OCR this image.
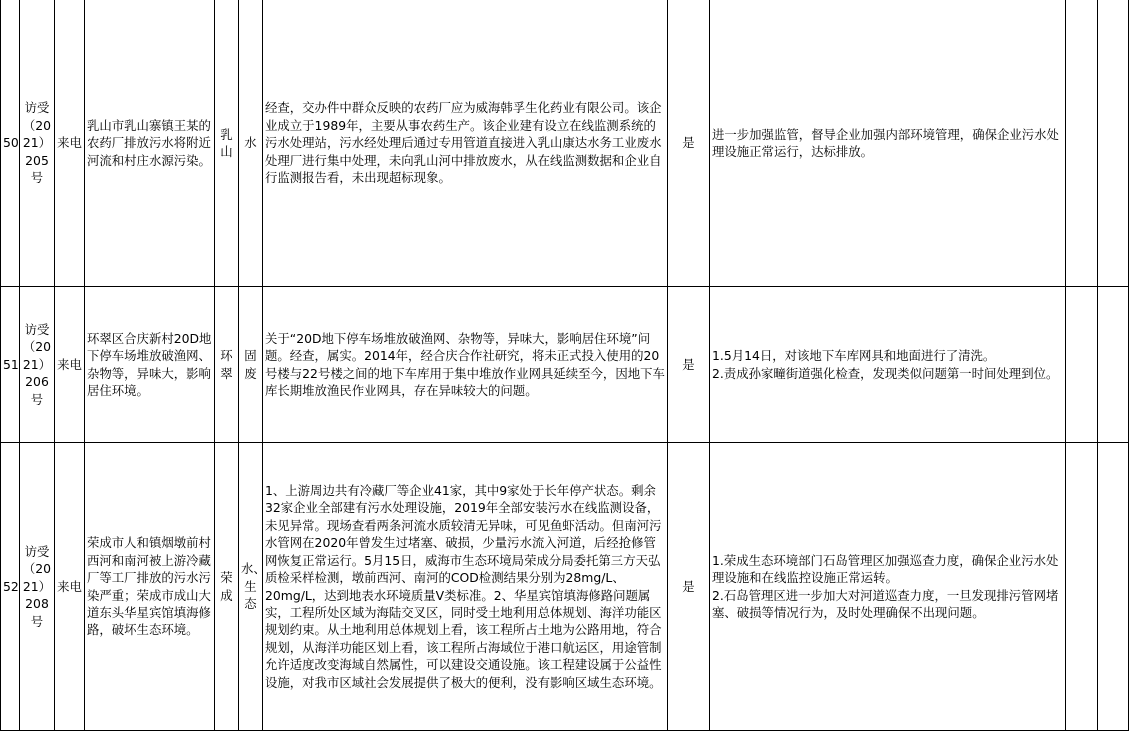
50	访受（2021）205号	来电	乳山市乳山寨镇王某的农药厂排放污水将附近河流和村庄水源污染。	乳山	水	经查，交办件中群众反映的农药厂应为威海韩孚生化药业有限公司。该企业成立于1989年，主要从事农药生产。该企业建有设立在线监测系统的污水处理站，污水经处理后通过专用管道直接进入乳山康达水务工业废水处理厂进行集中处理，未向乳山河中排放废水，从在线监测数据和企业自行监测报告看，未出现超标现象。	是	进一步加强监管，督导企业加强内部环境管理，确保企业污水处理设施正常运行，达标排放。		
51	访受（2021）206号	来电	环翠区合庆新村20D地下停车场堆放破渔网、杂物等，异味大，影响居住环境。	环翠	固废	关于“20D地下停车场堆放破渔网、杂物等，异味大，影响居住环境”问题。经查，属实。2014年，经合庆合作社研究，将未正式投入使用的20号楼与22号楼之间的地下车库用于集中堆放作业网具延续至今，因地下车库长期堆放渔民作业网具，存在异味较大的问题。	是	1.5月14日，对该地下车库网具和地面进行了清洗。
2.责成孙家疃街道强化检查，发现类似问题第一时间处理到位。		

52	访受（2021）208号	来电	荣成市人和镇烟墩前村西河和南河被上游冷藏厂等工厂排放的污水污染严重；荣成市成山大道东头华星宾馆填海修路，破坏生态环境。	荣成	水、生态	1、上游周边共有冷藏厂等企业41家，其中9家处于长年停产状态。剩余32家企业全部建有污水处理设施，2019年全部安装污水在线监测设备，未见异常。现场查看两条河流水质较清无异味，可见鱼虾活动。但南河污水管网在2020年曾发生过堵塞、破损，少量污水流入河道，后经抢修管网恢复正常运行。5月15日，威海市生态环境局荣成分局委托第三方天弘质检采样检测，墩前西河、南河的COD检测结果分别为28mg/L、20mg/L，达到地表水环境质量Ⅴ类标准。2、华星宾馆填海修路问题属实，工程所处区域为海陆交叉区，同时受土地利用总体规划、海洋功能区规划约束。从土地利用总体规划上看，该工程所占土地为公路用地，符合规划，从海洋功能区划上看，该工程所占海域位于港口航运区，用途管制允许适度改变海域自然属性，可以建设交通设施。该工程建设属于公益性设施，对我市区域社会发展提供了极大的便利，没有影响区域生态环境。	是	1.荣成生态环境部门石岛管理区加强巡查力度，确保企业污水处理设施和在线监控设施正常运转。
2.石岛管理区进一步加大对河道巡查力度，一旦发现排污管网堵塞、破损等情况行为，及时处理确保不出现问题。		
